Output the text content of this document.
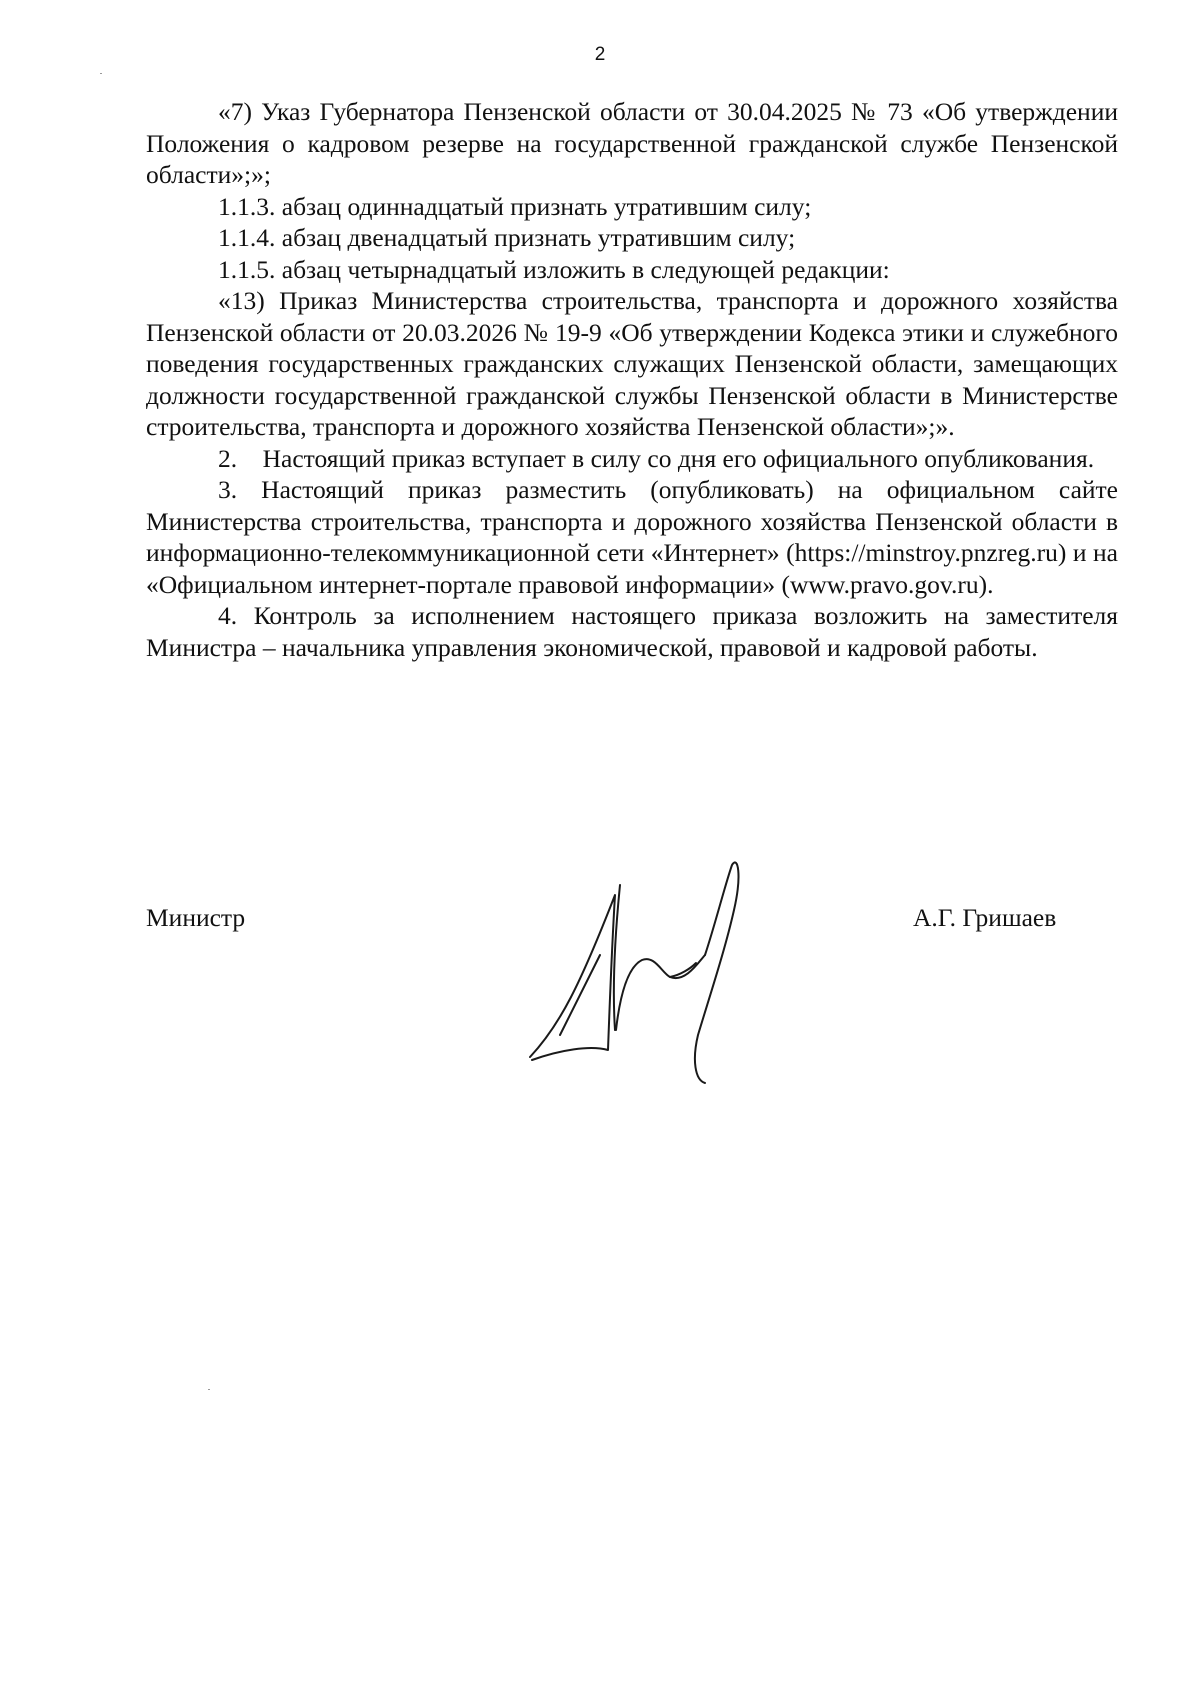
2

«7) Указ Губернатора Пензенской области от 30.04.2025 № 73 «Об утверждении Положения о кадровом резерве на государственной гражданской службе Пензенской области»;»;

1.1.3. абзац одиннадцатый признать утратившим силу;

1.1.4. абзац двенадцатый признать утратившим силу;

1.1.5. абзац четырнадцатый изложить в следующей редакции:

«13) Приказ Министерства строительства, транспорта и дорожного хозяйства Пензенской области от 20.03.2026 № 19-9 «Об утверждении Кодекса этики и служебного поведения государственных гражданских служащих Пензенской области, замещающих должности государственной гражданской службы Пензенской области в Министерстве строительства, транспорта и дорожного хозяйства Пензенской области»;».

2.    Настоящий приказ вступает в силу со дня его официального опубликования.

3. Настоящий приказ разместить (опубликовать) на официальном сайте Министерства строительства, транспорта и дорожного хозяйства Пензенской области в информационно-телекоммуникационной сети «Интернет» (https://minstroy.pnzreg.ru) и на «Официальном интернет-портале правовой информации» (www.pravo.gov.ru).

4. Контроль за исполнением настоящего приказа возложить на заместителя Министра – начальника управления экономической, правовой и кадровой работы.

Министр	А.Г. Гришаев
